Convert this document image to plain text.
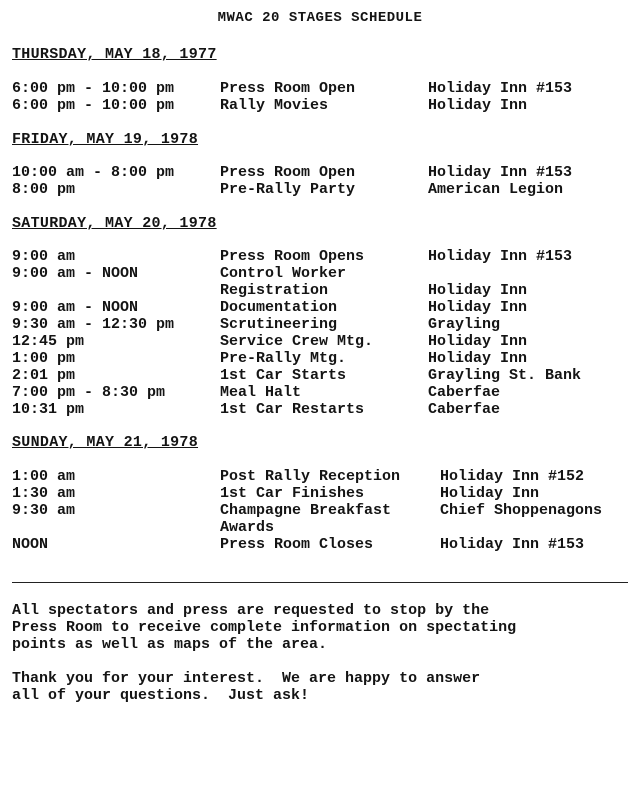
MWAC 20 STAGES SCHEDULE
THURSDAY, MAY 18, 1977
6:00 pm - 10:00 pm	Press Room Open	Holiday Inn #153
6:00 pm - 10:00 pm	Rally Movies	Holiday Inn
FRIDAY, MAY 19, 1978
10:00 am - 8:00 pm	Press Room Open	Holiday Inn #153
8:00 pm	Pre-Rally Party	American Legion
SATURDAY, MAY 20, 1978
9:00 am	Press Room Opens	Holiday Inn #153
9:00 am - NOON	Control Worker
Registration	Holiday Inn
9:00 am - NOON	Documentation	Holiday Inn
9:30 am - 12:30 pm	Scrutineering	Grayling
12:45 pm	Service Crew Mtg.	Holiday Inn
1:00 pm	Pre-Rally Mtg.	Holiday Inn
2:01 pm	1st Car Starts	Grayling St. Bank
7:00 pm - 8:30 pm	Meal Halt	Caberfae
10:31 pm	1st Car Restarts	Caberfae
SUNDAY, MAY 21, 1978
1:00 am	Post Rally Reception	Holiday Inn #152
1:30 am	1st Car Finishes	Holiday Inn
9:30 am	Champagne Breakfast	Chief Shoppenagons
Awards
NOON	Press Room Closes	Holiday Inn #153
All spectators and press are requested to stop by the
Press Room to receive complete information on spectating
points as well as maps of the area.
Thank you for your interest.  We are happy to answer
all of your questions.  Just ask!
